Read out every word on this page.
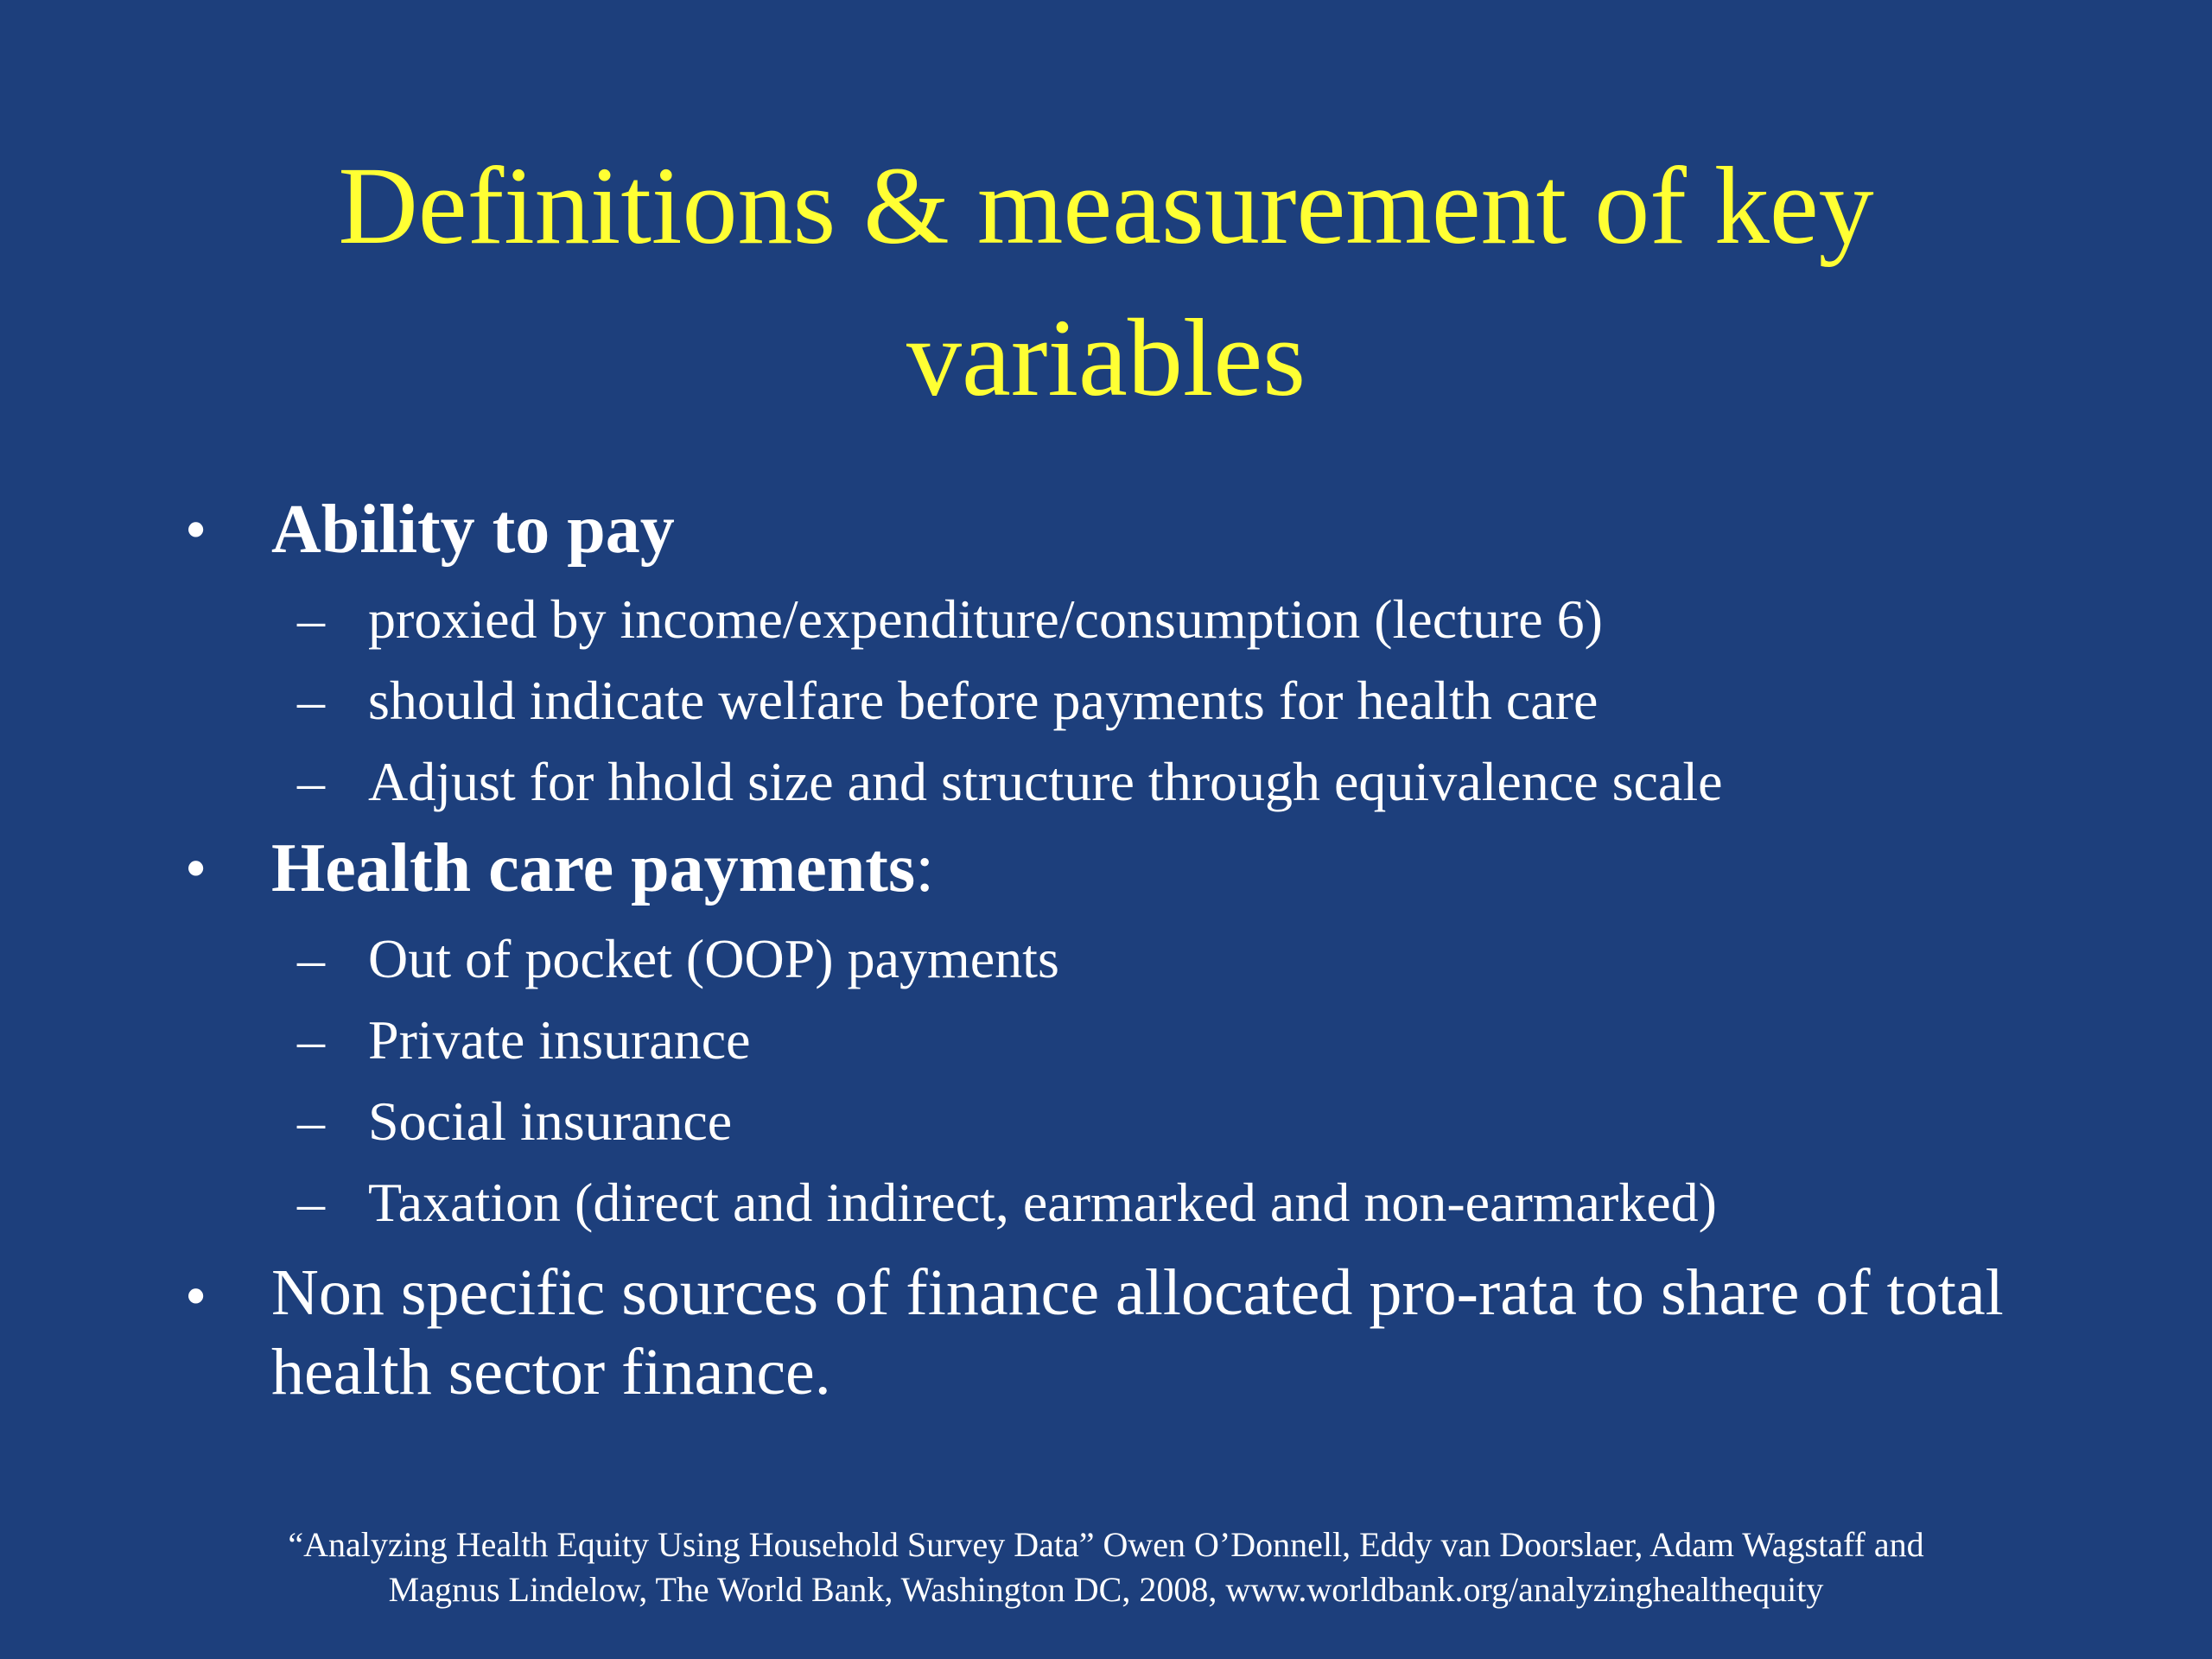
Definitions & measurement of key
variables
• Ability to pay
– proxied by income/expenditure/consumption (lecture 6)
– should indicate welfare before payments for health care
– Adjust for hhold size and structure through equivalence scale
• Health care payments:
– Out of pocket (OOP) payments
– Private insurance
– Social insurance
– Taxation (direct and indirect, earmarked and non-earmarked)
• Non specific sources of finance allocated pro-rata to share of total health sector finance.
“Analyzing Health Equity Using Household Survey Data” Owen O’Donnell, Eddy van Doorslaer, Adam Wagstaff and
Magnus Lindelow, The World Bank, Washington DC, 2008, www.worldbank.org/analyzinghealthequity
